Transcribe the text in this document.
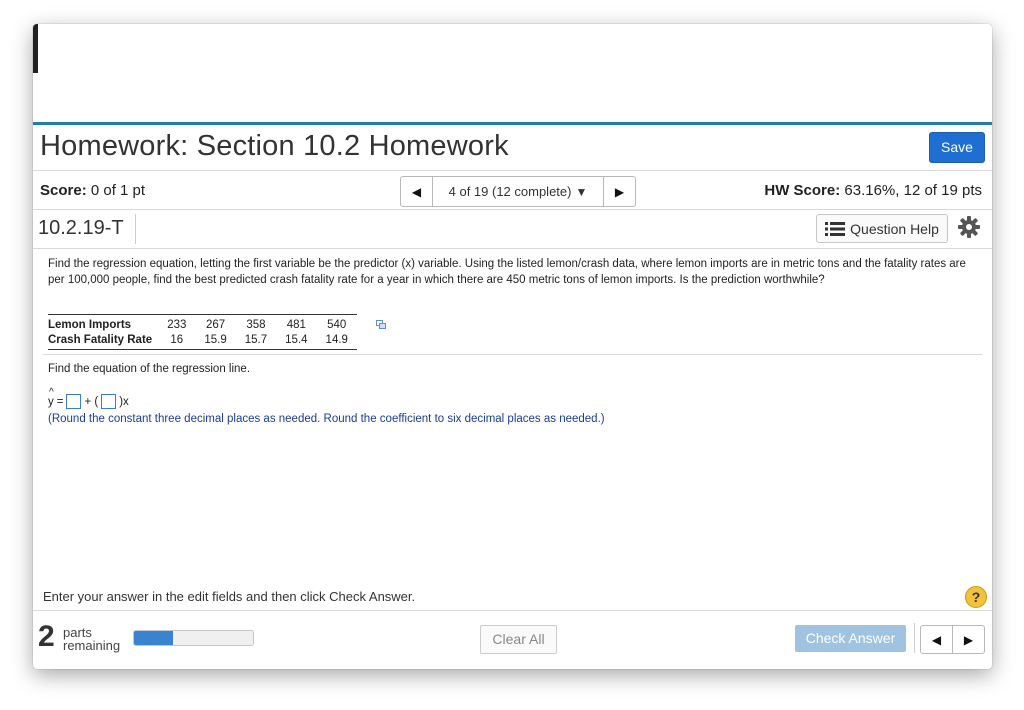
Homework: Section 10.2 Homework	Save
Score: 0 of 1 pt	◀ 4 of 19 (12 complete) ▼ ▶	HW Score: 63.16%, 12 of 19 pts
10.2.19-T	Question Help
Find the regression equation, letting the first variable be the predictor (x) variable. Using the listed lemon/crash data, where lemon imports are in metric tons and the fatality rates are per 100,000 people, find the best predicted crash fatality rate for a year in which there are 450 metric tons of lemon imports. Is the prediction worthwhile?
Lemon Imports	233	267	358	481	540
Crash Fatality Rate	16	15.9	15.7	15.4	14.9
Find the equation of the regression line.
^
y = + ( )x
(Round the constant three decimal places as needed. Round the coefficient to six decimal places as needed.)
Enter your answer in the edit fields and then click Check Answer.	?
2 parts
remaining	Clear All	Check Answer	◀ ▶
